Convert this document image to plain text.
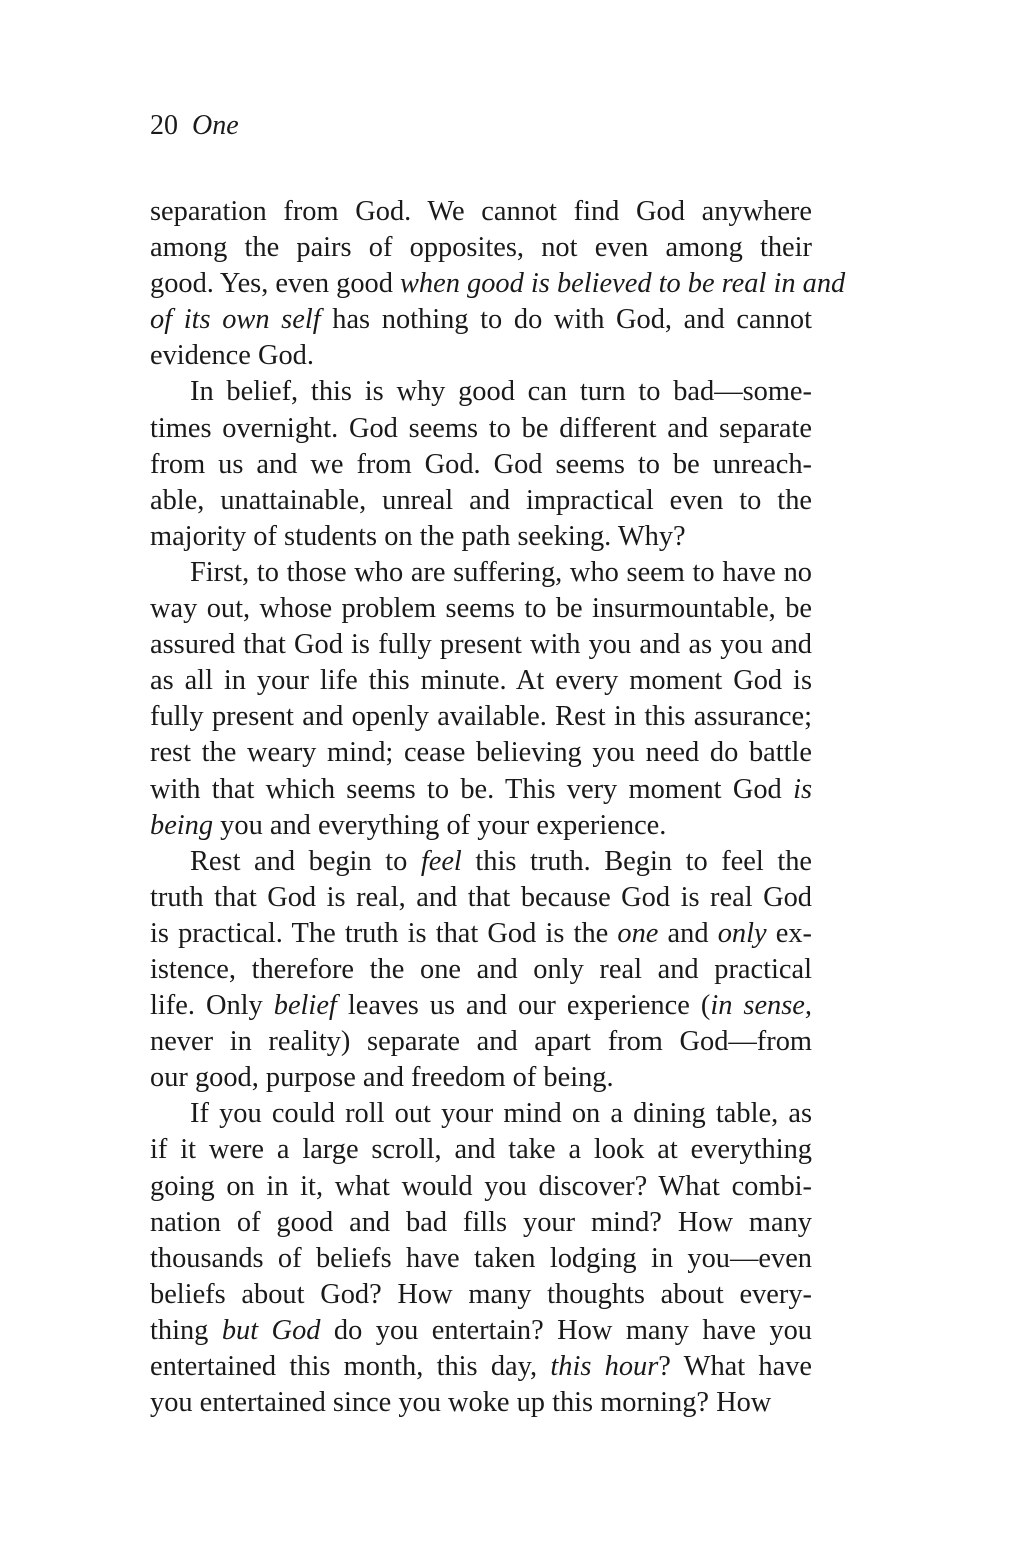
20 One
separation from God. We cannot find God anywhere
among the pairs of opposites, not even among their
good. Yes, even good when good is believed to be real in and
of its own self has nothing to do with God, and cannot
evidence God.
In belief, this is why good can turn to bad—some-
times overnight. God seems to be different and separate
from us and we from God. God seems to be unreach-
able, unattainable, unreal and impractical even to the
majority of students on the path seeking. Why?
First, to those who are suffering, who seem to have no
way out, whose problem seems to be insurmountable, be
assured that God is fully present with you and as you and
as all in your life this minute. At every moment God is
fully present and openly available. Rest in this assurance;
rest the weary mind; cease believing you need do battle
with that which seems to be. This very moment God is
being you and everything of your experience.
Rest and begin to feel this truth. Begin to feel the
truth that God is real, and that because God is real God
is practical. The truth is that God is the one and only ex-
istence, therefore the one and only real and practical
life. Only belief leaves us and our experience (in sense,
never in reality) separate and apart from God—from
our good, purpose and freedom of being.
If you could roll out your mind on a dining table, as
if it were a large scroll, and take a look at everything
going on in it, what would you discover? What combi-
nation of good and bad fills your mind? How many
thousands of beliefs have taken lodging in you—even
beliefs about God? How many thoughts about every-
thing but God do you entertain? How many have you
entertained this month, this day, this hour? What have
you entertained since you woke up this morning? How
